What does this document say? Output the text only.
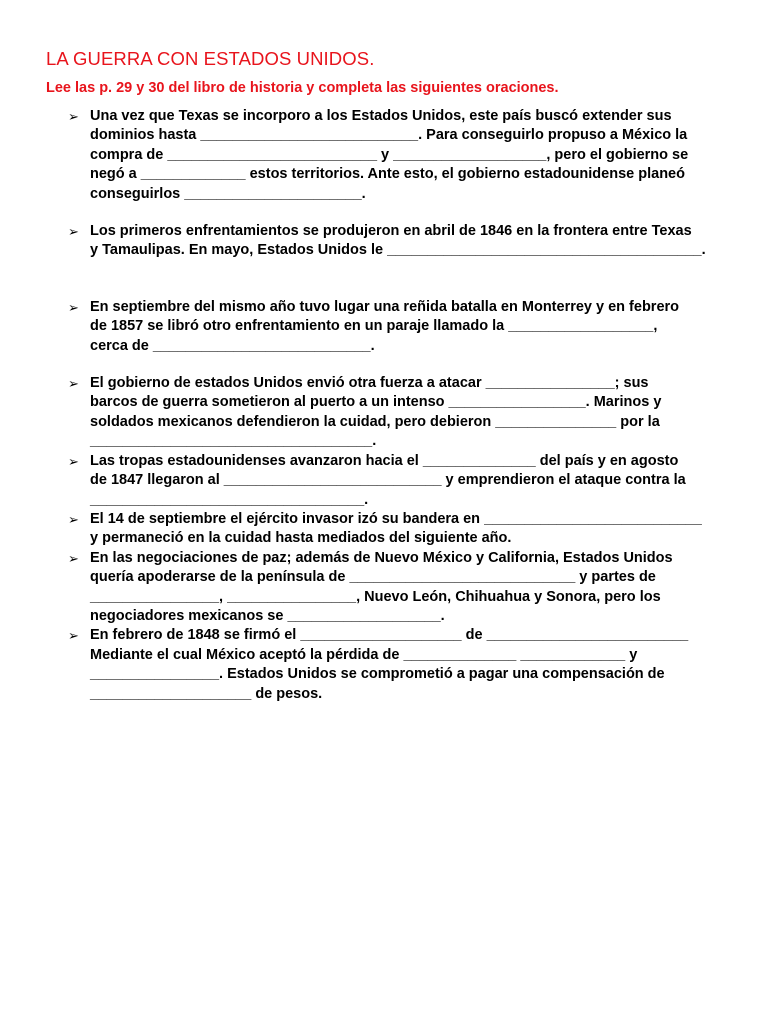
LA GUERRA CON ESTADOS UNIDOS.

Lee las p. 29 y 30 del libro de historia y completa las siguientes oraciones.

➢ Una vez que Texas se incorporo a los Estados Unidos, este país buscó extender sus
dominios hasta ___________________________. Para conseguirlo propuso a México la
compra de __________________________ y ___________________, pero el gobierno se
negó a _____________ estos territorios. Ante esto, el gobierno estadounidense planeó
conseguirlos ______________________.
➢ Los primeros enfrentamientos se produjeron en abril de 1846 en la frontera entre Texas
y Tamaulipas. En mayo, Estados Unidos le _______________________________________.
➢ En septiembre del mismo año tuvo lugar una reñida batalla en Monterrey y en febrero
de 1857 se libró otro enfrentamiento en un paraje llamado la __________________,
cerca de ___________________________.
➢ El gobierno de estados Unidos envió otra fuerza a atacar ________________; sus
barcos de guerra sometieron al puerto a un intenso _________________. Marinos y
soldados mexicanos defendieron la cuidad, pero debieron _______________ por la
___________________________________.
➢ Las tropas estadounidenses avanzaron hacia el ______________ del país y en agosto
de 1847 llegaron al ___________________________ y emprendieron el ataque contra la
__________________________________.
➢ El 14 de septiembre el ejército invasor izó su bandera en ___________________________
y permaneció en la cuidad hasta mediados del siguiente año.
➢ En las negociaciones de paz; además de Nuevo México y California, Estados Unidos
quería apoderarse de la península de ____________________________ y partes de
________________, ________________, Nuevo León, Chihuahua y Sonora, pero los
negociadores mexicanos se ___________________.
➢ En febrero de 1848 se firmó el ____________________ de _________________________
Mediante el cual México aceptó la pérdida de ______________ _____________ y
________________. Estados Unidos se comprometió a pagar una compensación de
____________________ de pesos.
